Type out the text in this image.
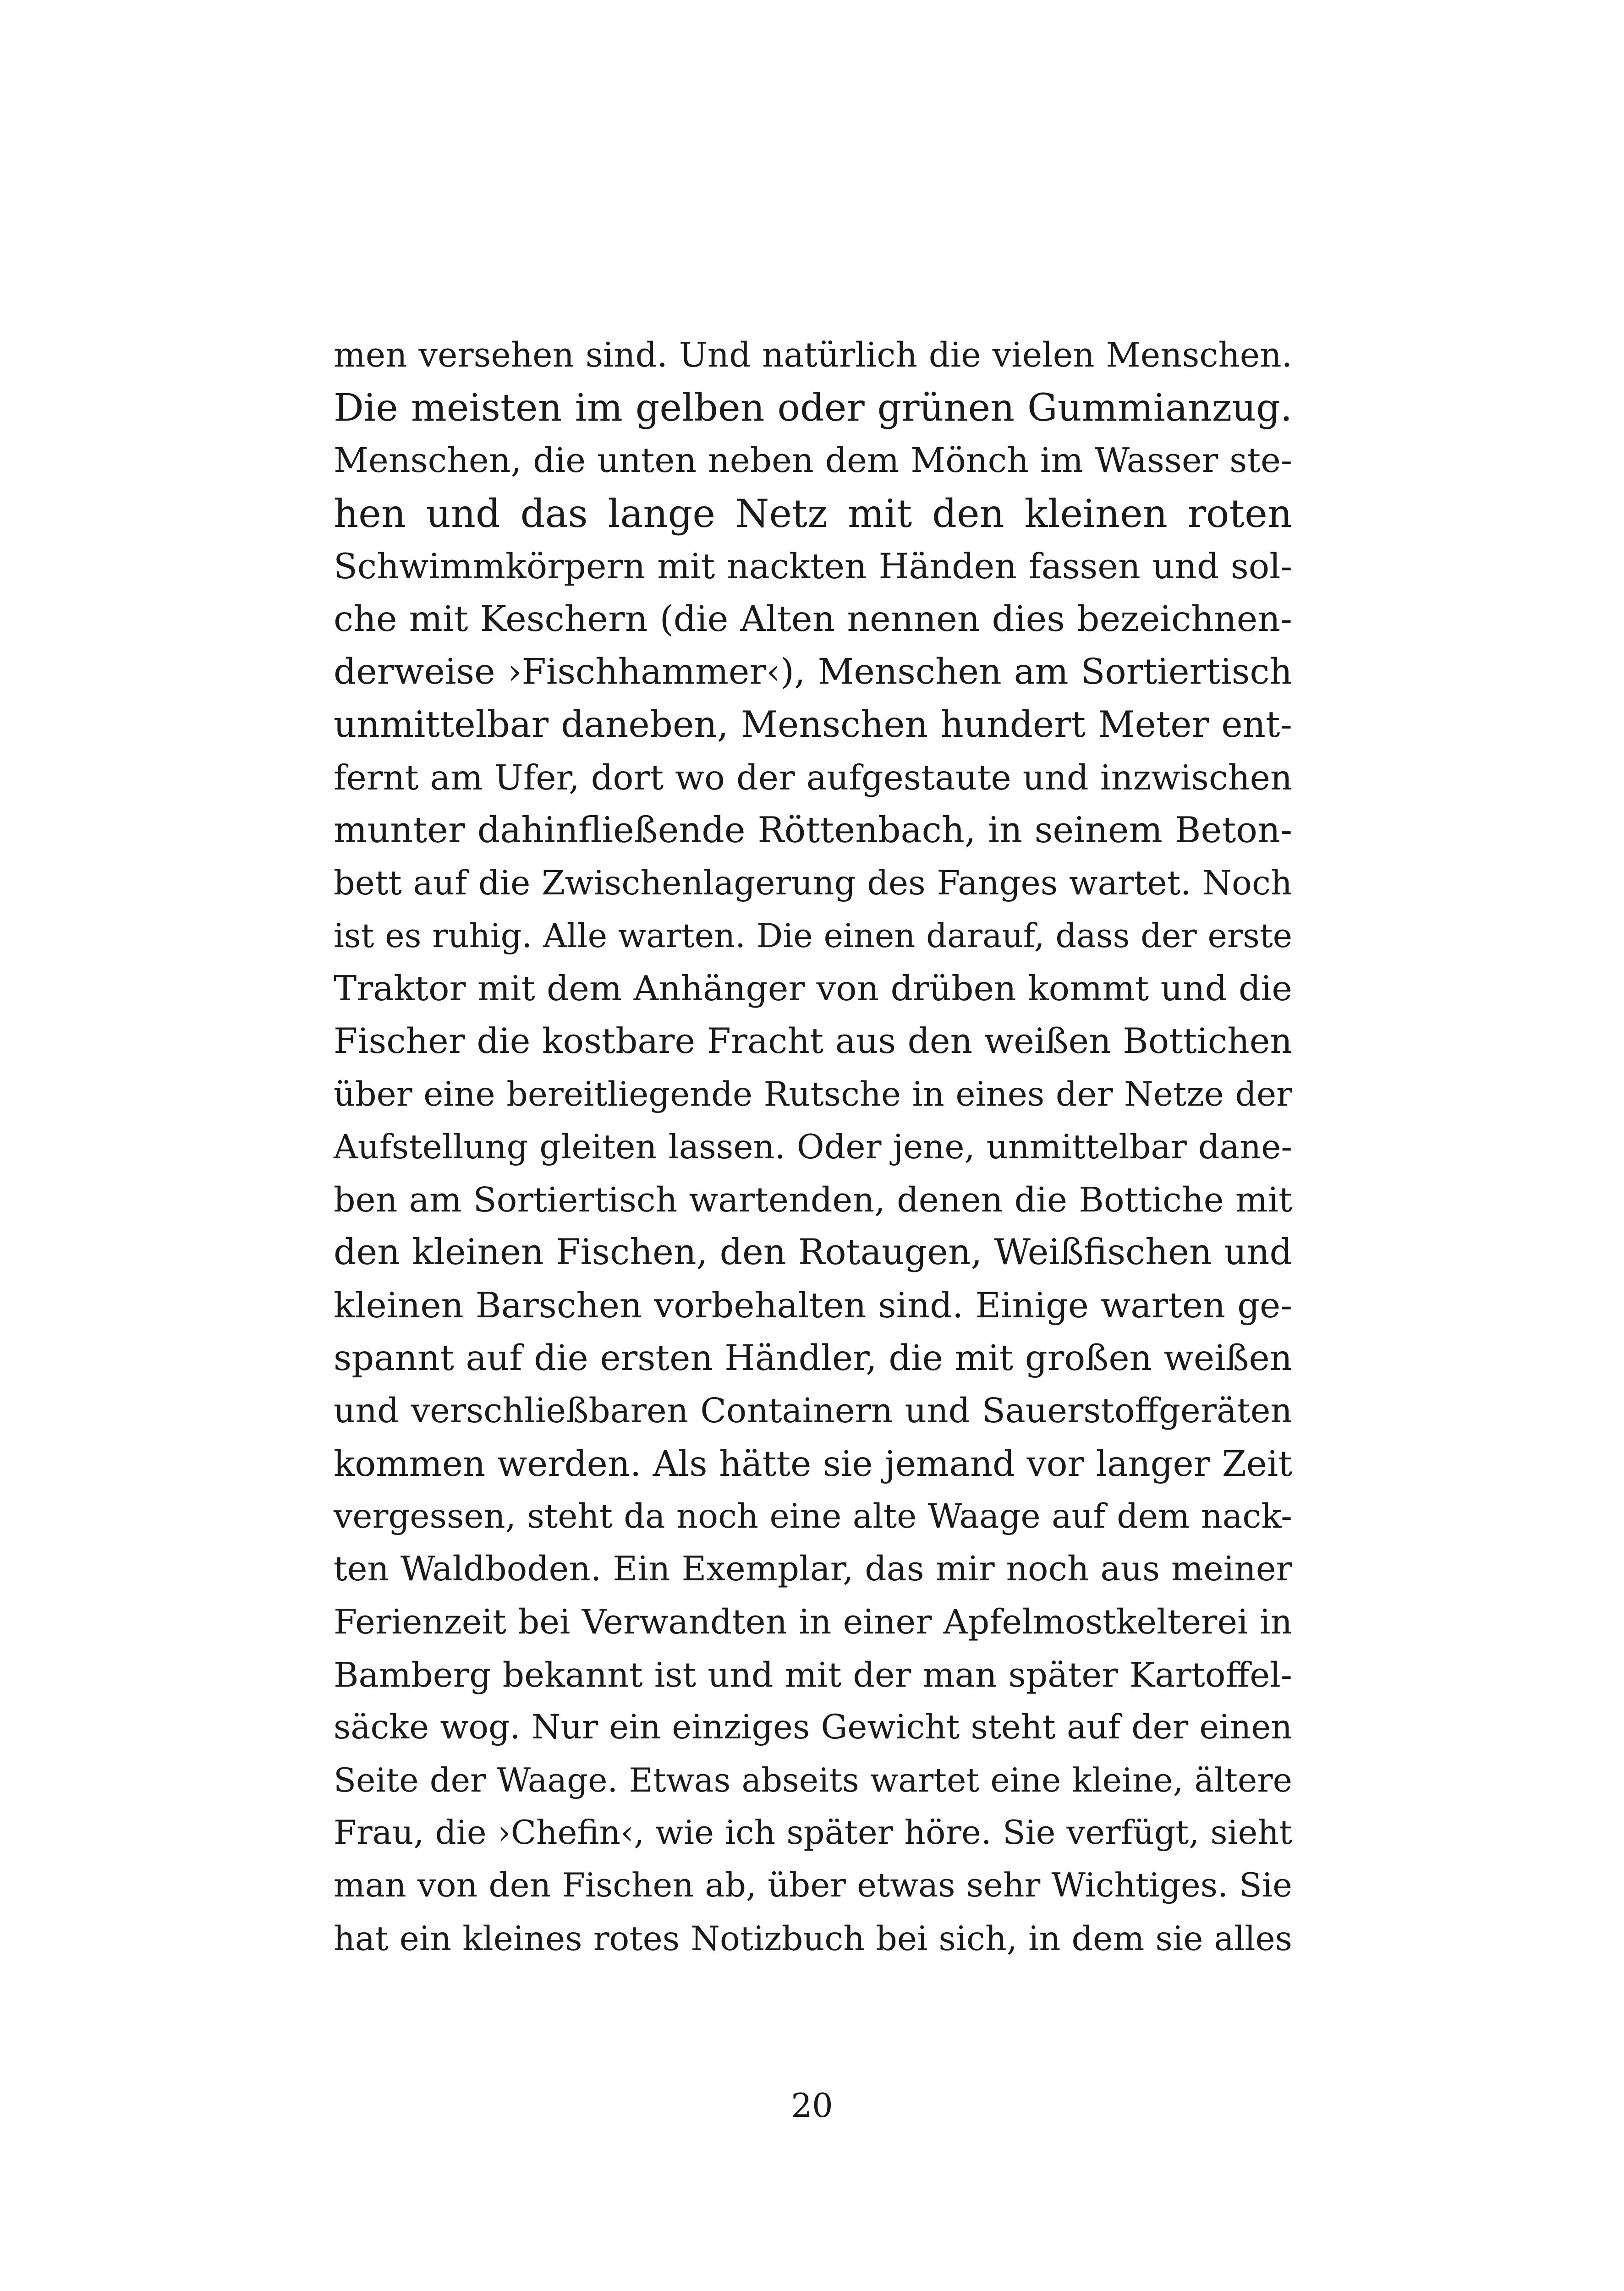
men versehen sind. Und natürlich die vielen Menschen.
Die meisten im gelben oder grünen Gummianzug.
Menschen, die unten neben dem Mönch im Wasser ste-
hen und das lange Netz mit den kleinen roten
Schwimmkörpern mit nackten Händen fassen und sol-
che mit Keschern (die Alten nennen dies bezeichnen-
derweise ›Fischhammer‹), Menschen am Sortiertisch
unmittelbar daneben, Menschen hundert Meter ent-
fernt am Ufer, dort wo der aufgestaute und inzwischen
munter dahinfließende Röttenbach, in seinem Beton-
bett auf die Zwischenlagerung des Fanges wartet. Noch
ist es ruhig. Alle warten. Die einen darauf, dass der erste
Traktor mit dem Anhänger von drüben kommt und die
Fischer die kostbare Fracht aus den weißen Bottichen
über eine bereitliegende Rutsche in eines der Netze der
Aufstellung gleiten lassen. Oder jene, unmittelbar dane-
ben am Sortiertisch wartenden, denen die Bottiche mit
den kleinen Fischen, den Rotaugen, Weißfischen und
kleinen Barschen vorbehalten sind. Einige warten ge-
spannt auf die ersten Händler, die mit großen weißen
und verschließbaren Containern und Sauerstoffgeräten
kommen werden. Als hätte sie jemand vor langer Zeit
vergessen, steht da noch eine alte Waage auf dem nack-
ten Waldboden. Ein Exemplar, das mir noch aus meiner
Ferienzeit bei Verwandten in einer Apfelmostkelterei in
Bamberg bekannt ist und mit der man später Kartoffel-
säcke wog. Nur ein einziges Gewicht steht auf der einen
Seite der Waage. Etwas abseits wartet eine kleine, ältere
Frau, die ›Chefin‹, wie ich später höre. Sie verfügt, sieht
man von den Fischen ab, über etwas sehr Wichtiges. Sie
hat ein kleines rotes Notizbuch bei sich, in dem sie alles
20
